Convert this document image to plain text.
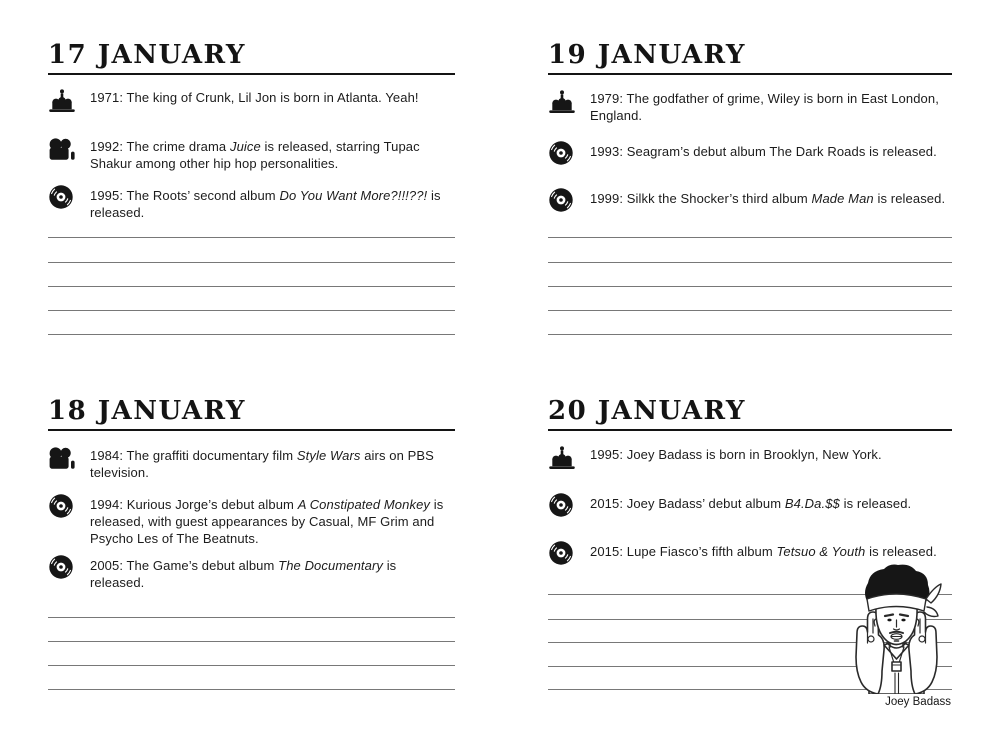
17 JANUARY

1971: The king of Crunk, Lil Jon is born in Atlanta. Yeah!

1992: The crime drama Juice is released, starring Tupac
Shakur among other hip hop personalities.

1995: The Roots’ second album Do You Want More?!!!??! is
released.

19 JANUARY

1979: The godfather of grime, Wiley is born in East London,
England.

1993: Seagram’s debut album The Dark Roads is released.

1999: Silkk the Shocker’s third album Made Man is released.

18 JANUARY

1984: The graffiti documentary film Style Wars airs on PBS
television.

1994: Kurious Jorge’s debut album A Constipated Monkey is
released, with guest appearances by Casual, MF Grim and
Psycho Les of The Beatnuts.

2005: The Game’s debut album The Documentary is
released.

20 JANUARY

1995: Joey Badass is born in Brooklyn, New York.

2015: Joey Badass’ debut album B4.Da.$$ is released.

2015: Lupe Fiasco’s fifth album Tetsuo & Youth is released.

Joey Badass
